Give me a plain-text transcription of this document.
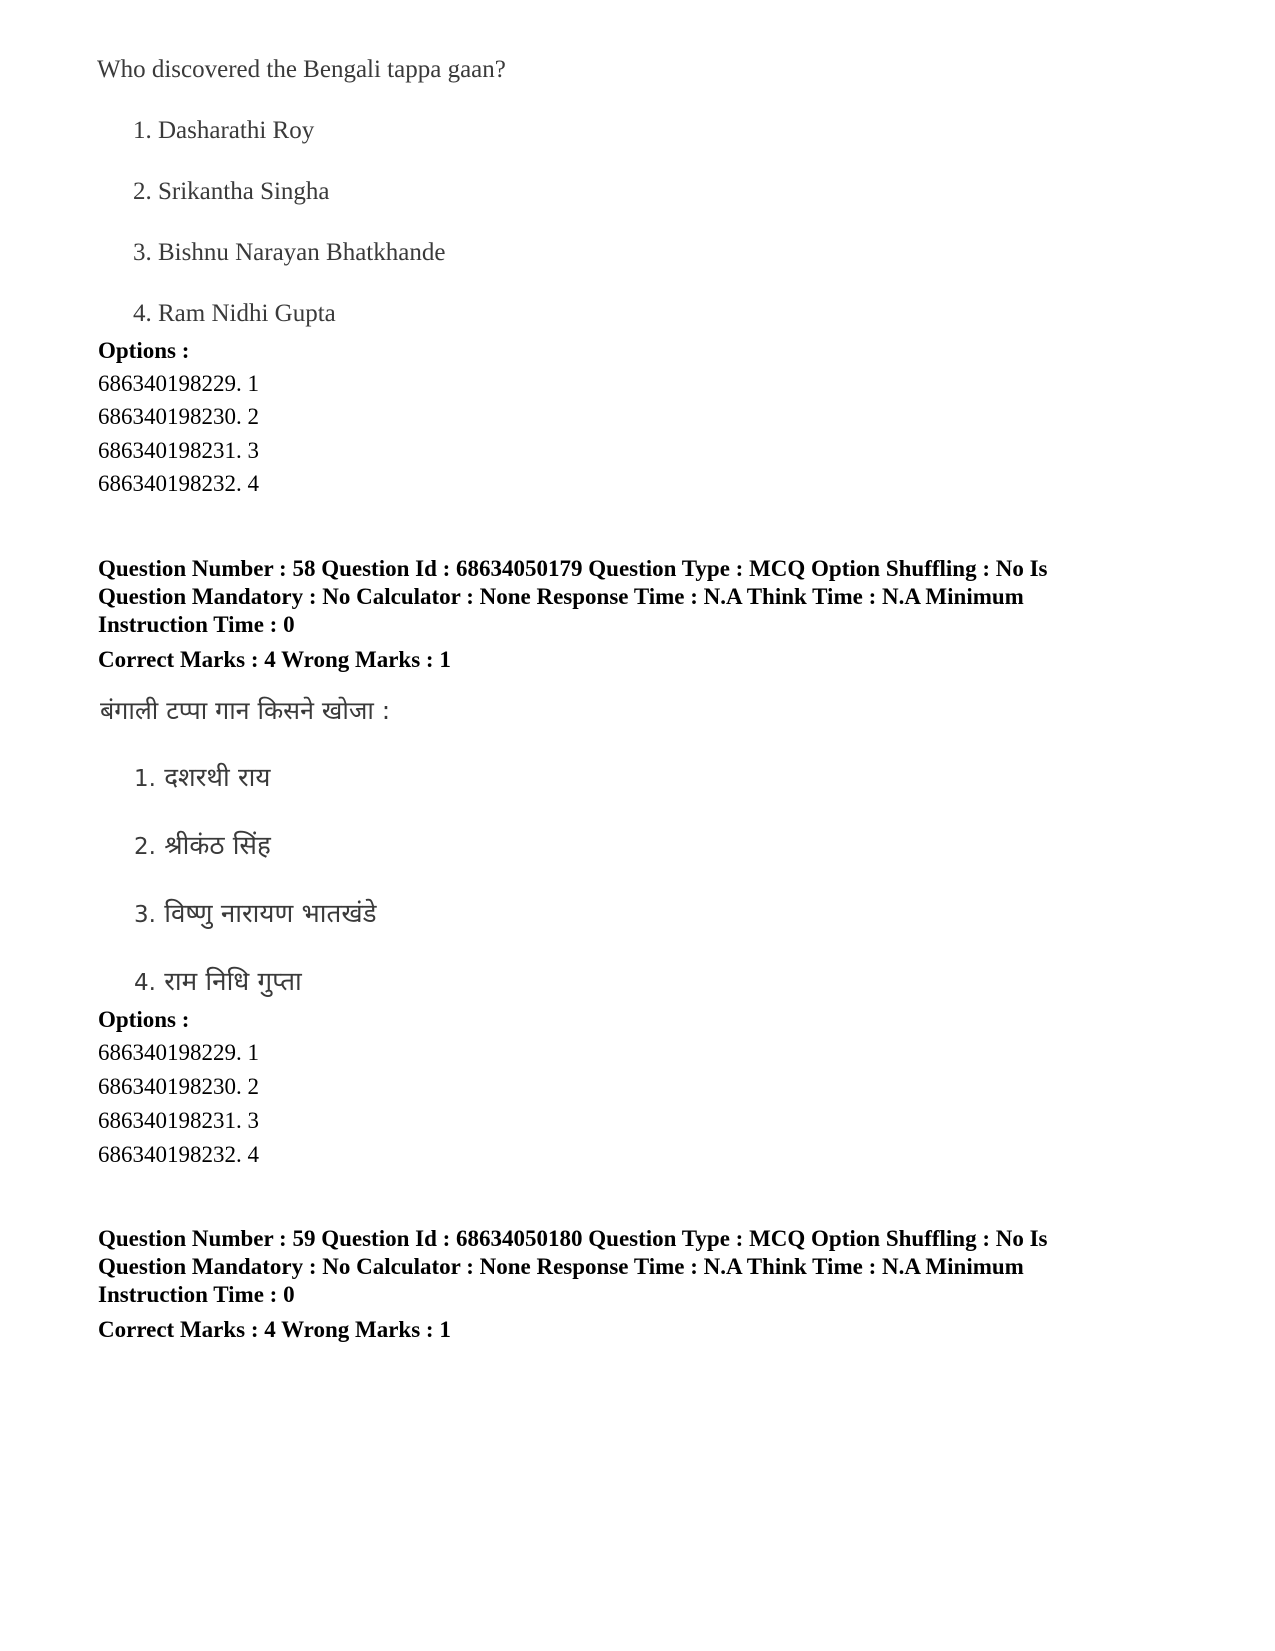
Who discovered the Bengali tappa gaan?
1. Dasharathi Roy
2. Srikantha Singha
3. Bishnu Narayan Bhatkhande
4. Ram Nidhi Gupta
Options :
686340198229. 1
686340198230. 2
686340198231. 3
686340198232. 4
Question Number : 58 Question Id : 68634050179 Question Type : MCQ Option Shuffling : No Is
Question Mandatory : No Calculator : None Response Time : N.A Think Time : N.A Minimum
Instruction Time : 0
Correct Marks : 4 Wrong Marks : 1
बंगाली टप्पा गान किसने खोजा :
1. दशरथी राय
2. श्रीकंठ सिंह
3. विष्णु नारायण भातखंडे
4. राम निधि गुप्ता
Options :
686340198229. 1
686340198230. 2
686340198231. 3
686340198232. 4
Question Number : 59 Question Id : 68634050180 Question Type : MCQ Option Shuffling : No Is
Question Mandatory : No Calculator : None Response Time : N.A Think Time : N.A Minimum
Instruction Time : 0
Correct Marks : 4 Wrong Marks : 1
